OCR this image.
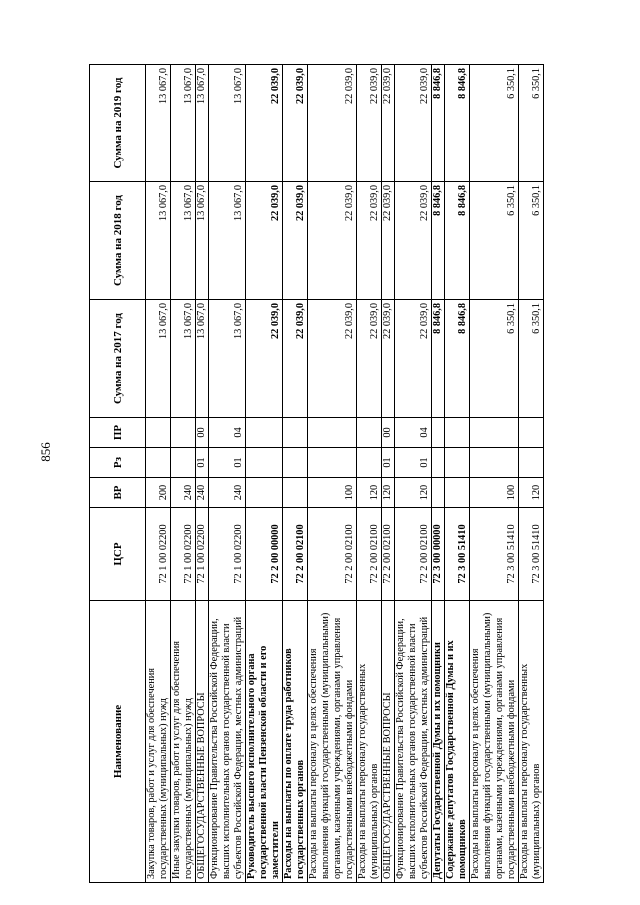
856
Наименование	ЦСР	ВР	Рз	ПР	Сумма на 2017 год	Сумма на 2018 год	Сумма на 2019 год
Закупка товаров, работ и услуг для обеспечения государственных (муниципальных) нужд	72 1 00 02200	200			13 067,0	13 067,0	13 067,0
Иные закупки товаров, работ и услуг для обеспечения государственных (муниципальных) нужд	72 1 00 02200	240			13 067,0	13 067,0	13 067,0
ОБЩЕГОСУДАРСТВЕННЫЕ ВОПРОСЫ	72 1 00 02200	240	01	00	13 067,0	13 067,0	13 067,0
Функционирование Правительства Российской Федерации, высших исполнительных органов государственной власти субъектов Российской Федерации, местных администраций	72 1 00 02200	240	01	04	13 067,0	13 067,0	13 067,0
Руководитель высшего исполнительного органа государственной власти Пензенской области и его заместители	72 2 00 00000				22 039,0	22 039,0	22 039,0
Расходы на выплаты по оплате труда работников государственных органов	72 2 00 02100				22 039,0	22 039,0	22 039,0
Расходы на выплаты персоналу в целях обеспечения выполнения функций государственными (муниципальными) органами, казенными учреждениями, органами управления государственными внебюджетными фондами	72 2 00 02100	100			22 039,0	22 039,0	22 039,0
Расходы на выплаты персоналу государственных (муниципальных) органов	72 2 00 02100	120			22 039,0	22 039,0	22 039,0
ОБЩЕГОСУДАРСТВЕННЫЕ ВОПРОСЫ	72 2 00 02100	120	01	00	22 039,0	22 039,0	22 039,0
Функционирование Правительства Российской Федерации, высших исполнительных органов государственной власти субъектов Российской Федерации, местных администраций	72 2 00 02100	120	01	04	22 039,0	22 039,0	22 039,0
Депутаты Государственной Думы и их помощники	72 3 00 00000				8 846,8	8 846,8	8 846,8
Содержание депутатов Государственной Думы и их помощников	72 3 00 51410				8 846,8	8 846,8	8 846,8
Расходы на выплаты персоналу в целях обеспечения выполнения функций государственными (муниципальными) органами, казенными учреждениями, органами управления государственными внебюджетными фондами	72 3 00 51410	100			6 350,1	6 350,1	6 350,1
Расходы на выплаты персоналу государственных (муниципальных) органов	72 3 00 51410	120			6 350,1	6 350,1	6 350,1
